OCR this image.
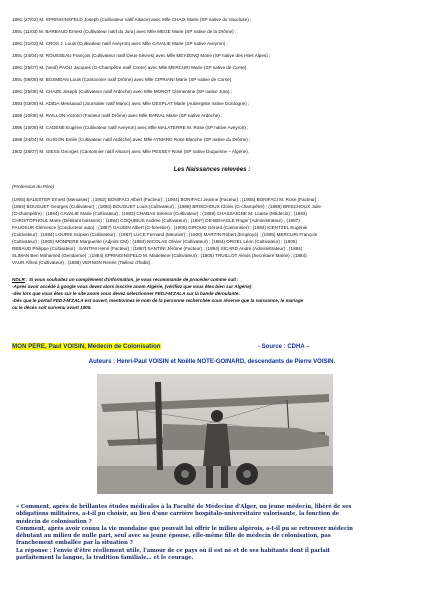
1891 (27/02) M. SPRINGINSFELD Joseph (Cultivateur natif Alsace) avec Mlle CHAIX Marie (SP native du Vaucluse) ;
1891 (11/03) M. BARBAUD Ernest (Cultivateur natif du Jura) avec MIle MEGE Marie (SP native de la Drôme) ;
1891 (31/03) M. CROS J. Louis (Cultivateur natif Aveyron) avec Mlle CAVALIE Marie (SP native Aveyron) ;
1891 (24/04) M. ROUSSEAU François (Cultivateur natif Deux-Sèvres) avec Mlle MEYZENQ Marie (SP native des Htes Alpes) ;
1891 (25/07) M. (Veuf) PAOLI Jacques (G-Champêtre natif Corse) avec Mlle MERCURI Marie (SP native de Corse)
1891 (08/08) M. BOSMEAN Louis (Cantonnier natif Drôme) avec Mlle CIPRIANI Marie (SP native de Corse)
1891 (25/08) M. CHAZE Joseph (Cultivateur natif Ardèche) avec Mlle MONOT Clémentine (SP native Jura) ;
1893 (03/08) M. ADIDA Messaoud (Journalier natif Maroc) avec Mlle DESPLAT Marie (Aubergiste native Dordogne) ;
1895 (10/08) M. RAILLON Victorin (Facteur natif Drôme) avec Mlle BARIAL Marie (SP native Ardèche) ;
1895 (10/08) M. CADENE Eugène (Cultivateur natif Aveyron) avec Mlle MALATERRE M. Rose (SP native Aveyron) ;
1898 (24/04) M. GUIGON Emile (Cultivateur natif Ardèche) avec Mlle AYMARD Rose Blanche (SP native du Drôme) ;
1902 (28/07) M. GIESS Georges (Cantonnier natif Alsace) avec Mlle PESSEY Rose (SP native Duquesne – Algérie).
Les Naissances relevées :
(Profession du Père)
(1905) BALESTER Ernest (Menuisier) ; (1902) BONIFACI Albert (Facteur) ; (1904) BONIFACI Jeanne (Facteur) ; (1905) BONIFACI M. Rose (Facteur) ;
(1884) BOUGUET Georges (Cultivateur) ; (1883) BOUGUET Louis (Cultivateur) ; (1888) BRISCHOUX Clovis (G-champêtre) ; (1889) BRISCHOUX Julie
(G-champêtre) ; (1884) CAVALIE Marie (Cultivateur) ; (1883) CHABAS Siméon (Cultivateur) ; (1888) CHASSAIGNE M. Louise (Médecin) ; (1883)
CHRISTOPHOUL Marie (Débitant boissons) ; (1884) COQUIBUS Andrée (Cultivateur) ; (1887) DE-BEHAGLE Roger (Administrateur) ; (1887)
FAUGEUR Clémence (Conducteur auto) ; (1887) GAUDIN Albert (G-forestier) ; (1900) GIROUD Gérard (Cantonnier) ; (1884) KIENTZEL Eugénie
(Cultivateur) ; (1884) LOURIE Scipion (Cultivateur) ; (1887) LUCE Fernand (Meunier) ; (1900) MARTIN Robert (Employé) ; (1905) MERCURI François
(Cultivateur) ; (1905) MONPERE Marguerite (Adjoint CM) ; (1884) NICOLAS Olivier (Cultivateur) ; (1884) ORGEL Léon (Cultivateur) ; (1905)
REBAUD Philippe (Cultivateur) ; SANTINI Henri (Facteur) ; (1887) SANTINI Jérôme (Facteur) ; (1894) SICARD André (Administrateur) ; (1884)
SLIMAN Ben Mohamed (Gendarme) ; (1884) SPRINGINSFELD M. Madeleine (Cultivateur) ; (1905) TRUILLOT Alexis (Secrétaire Mairie) ; (1884)
VAUR Alfred (Cultivateur) ; (1888) VERNON Renée (Tailleur d'habit) .
NDLR : Si vous souhaitez un complément d'information, je vous recommande de procéder comme suit :
-Après avoir accédé à google vous devez alors inscrire anom Algérie, (vérifiez que vous êtes bien sur Algérie)
-dès lors que vous êtes sur le site anom vous devez sélectionner FEDJ-M'ZALA sur la bande déroulante.
-Dès que le portail FEDJ-M'ZALA est ouvert, mentionnez le nom de la personne recherchée sous réserve que la naissance, le mariage
ou le décès soit survenu avant 1905.
MON PERE, Paul VOISIN, Médecin de Colonisation	- Source : CDHA –
Auteurs : Henri-Paul VOISIN et Noëlle NOTE-GOINARD, descendants de Pierre VOISIN.
« Comment, après de brillantes études médicales à la Faculté de Médecine d'Alger, un jeune médecin, libéré de ses
obligations militaires, a-t-il pu choisir, au lieu d'une carrière hospitalo-universitaire valorisante, la fonction de
médecin de colonisation ?
Comment, après avoir connu la vie mondaine que pouvait lui offrir le milieu algérois, a-t-il pu se retrouver médecin
débutant au milieu de nulle part, seul avec sa jeune épouse, elle-même fille de médecin de colonisation, pas
franchement emballée par la situation ?
La réponse : l'envie d'être réellement utile, l'amour de ce pays où il est né et de ses habitants dont il parlait
parfaitement la langue, la tradition familiale… et le courage.
